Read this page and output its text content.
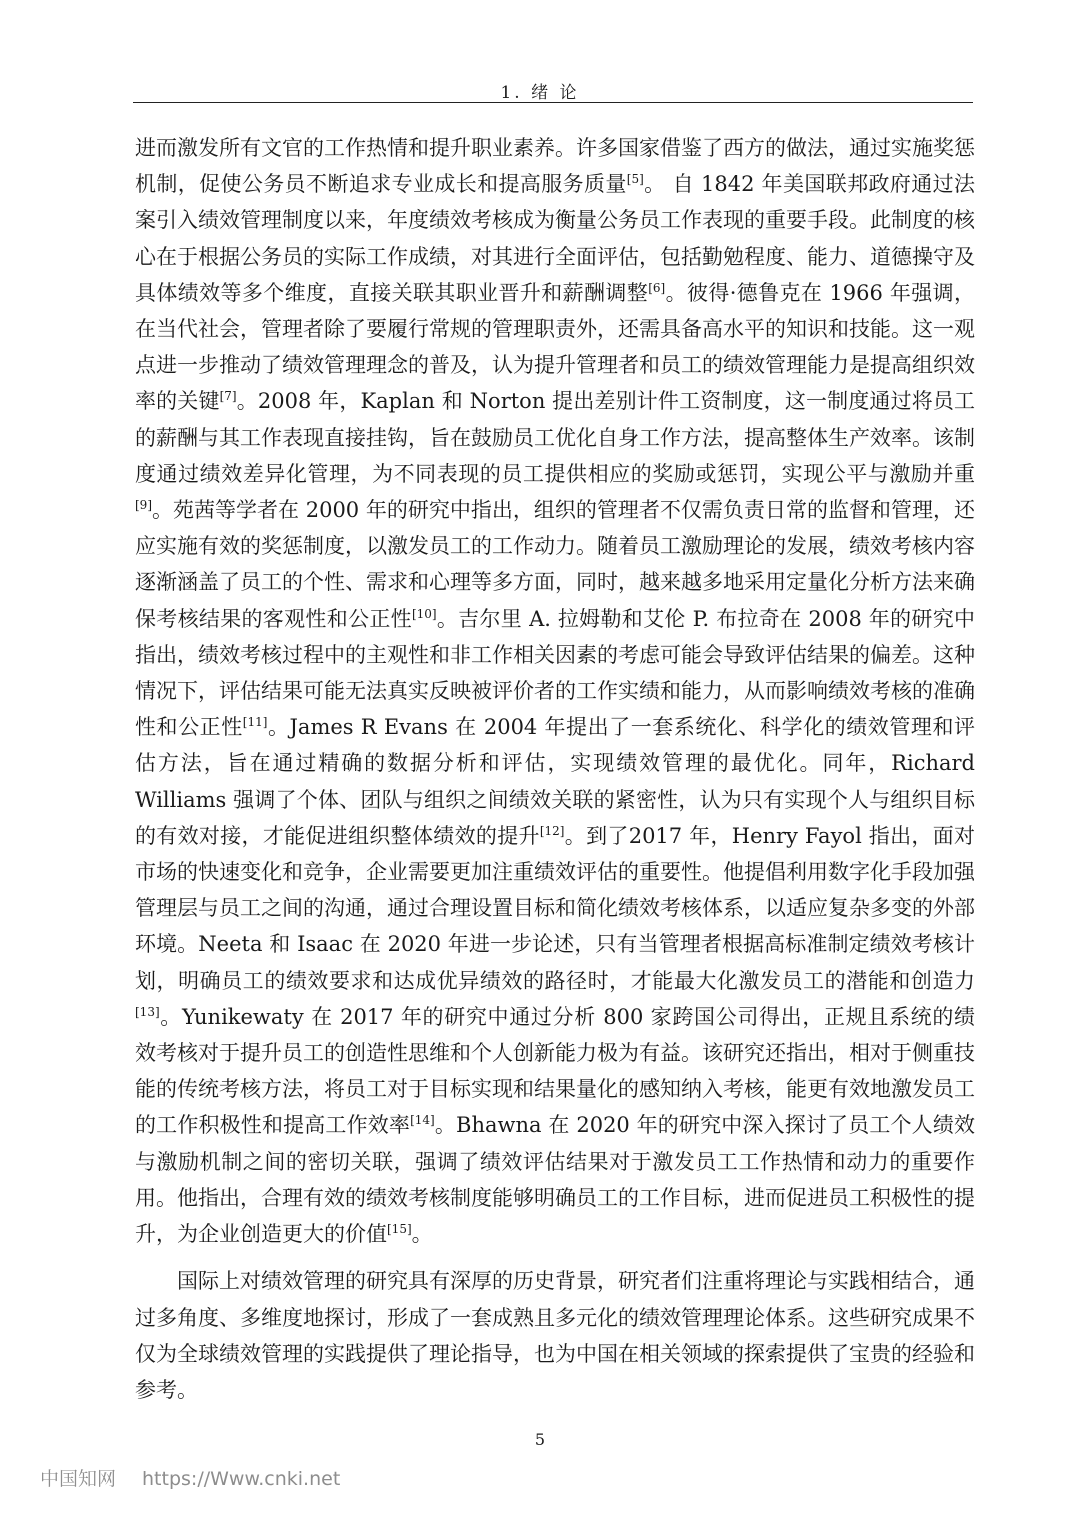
1. 绪 论

进而激发所有文官的工作热情和提升职业素养。许多国家借鉴了西方的做法，通过实施奖惩机制，促使公务员不断追求专业成长和提高服务质量[5]。 自 1842 年美国联邦政府通过法案引入绩效管理制度以来，年度绩效考核成为衡量公务员工作表现的重要手段。此制度的核心在于根据公务员的实际工作成绩，对其进行全面评估，包括勤勉程度、能力、道德操守及具体绩效等多个维度，直接关联其职业晋升和薪酬调整[6]。彼得·德鲁克在 1966 年强调，在当代社会，管理者除了要履行常规的管理职责外，还需具备高水平的知识和技能。这一观点进一步推动了绩效管理理念的普及，认为提升管理者和员工的绩效管理能力是提高组织效率的关键[7]。2008 年，Kaplan 和 Norton 提出差别计件工资制度，这一制度通过将员工的薪酬与其工作表现直接挂钩，旨在鼓励员工优化自身工作方法，提高整体生产效率。该制度通过绩效差异化管理，为不同表现的员工提供相应的奖励或惩罚，实现公平与激励并重[9]。苑茜等学者在 2000 年的研究中指出，组织的管理者不仅需负责日常的监督和管理，还应实施有效的奖惩制度，以激发员工的工作动力。随着员工激励理论的发展，绩效考核内容逐渐涵盖了员工的个性、需求和心理等多方面，同时，越来越多地采用定量化分析方法来确保考核结果的客观性和公正性[10]。吉尔里 A. 拉姆勒和艾伦 P. 布拉奇在 2008 年的研究中指出，绩效考核过程中的主观性和非工作相关因素的考虑可能会导致评估结果的偏差。这种情况下，评估结果可能无法真实反映被评价者的工作实绩和能力，从而影响绩效考核的准确性和公正性[11]。James R Evans 在 2004 年提出了一套系统化、科学化的绩效管理和评估方法，旨在通过精确的数据分析和评估，实现绩效管理的最优化。同年，Richard Williams 强调了个体、团队与组织之间绩效关联的紧密性，认为只有实现个人与组织目标的有效对接，才能促进组织整体绩效的提升[12]。到了2017 年，Henry Fayol 指出，面对市场的快速变化和竞争，企业需要更加注重绩效评估的重要性。他提倡利用数字化手段加强管理层与员工之间的沟通，通过合理设置目标和简化绩效考核体系，以适应复杂多变的外部环境。Neeta 和 Isaac 在 2020 年进一步论述，只有当管理者根据高标准制定绩效考核计划，明确员工的绩效要求和达成优异绩效的路径时，才能最大化激发员工的潜能和创造力[13]。Yunikewaty 在 2017 年的研究中通过分析 800 家跨国公司得出，正规且系统的绩效考核对于提升员工的创造性思维和个人创新能力极为有益。该研究还指出，相对于侧重技能的传统考核方法，将员工对于目标实现和结果量化的感知纳入考核，能更有效地激发员工的工作积极性和提高工作效率[14]。Bhawna 在 2020 年的研究中深入探讨了员工个人绩效与激励机制之间的密切关联，强调了绩效评估结果对于激发员工工作热情和动力的重要作用。他指出，合理有效的绩效考核制度能够明确员工的工作目标，进而促进员工积极性的提升，为企业创造更大的价值[15]。

国际上对绩效管理的研究具有深厚的历史背景，研究者们注重将理论与实践相结合，通过多角度、多维度地探讨，形成了一套成熟且多元化的绩效管理理论体系。这些研究成果不仅为全球绩效管理的实践提供了理论指导，也为中国在相关领域的探索提供了宝贵的经验和参考。

5
中国知网 https://Www.cnki.net
